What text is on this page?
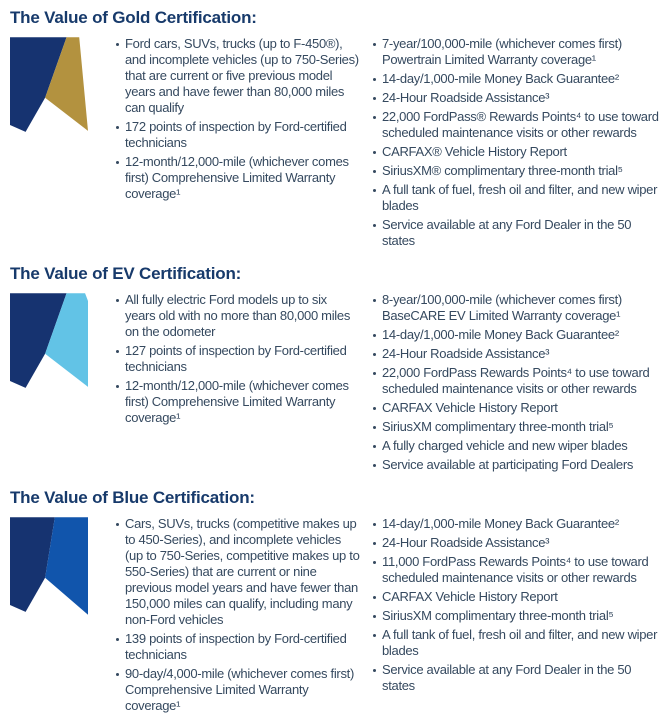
The Value of Gold Certification:
Ford cars, SUVs, trucks (up to F-450®), and incomplete vehicles (up to 750-Series) that are current or five previous model years and have fewer than 80,000 miles can qualify
172 points of inspection by Ford-certified technicians
12-month/12,000-mile (whichever comes first) Comprehensive Limited Warranty coverage¹
7-year/100,000-mile (whichever comes first) Powertrain Limited Warranty coverage¹
14-day/1,000-mile Money Back Guarantee²
24-Hour Roadside Assistance³
22,000 FordPass® Rewards Points⁴ to use toward scheduled maintenance visits or other rewards
CARFAX® Vehicle History Report
SiriusXM® complimentary three-month trial⁵
A full tank of fuel, fresh oil and filter, and new wiper blades
Service available at any Ford Dealer in the 50 states
The Value of EV Certification:
All fully electric Ford models up to six years old with no more than 80,000 miles on the odometer
127 points of inspection by Ford-certified technicians
12-month/12,000-mile (whichever comes first) Comprehensive Limited Warranty coverage¹
8-year/100,000-mile (whichever comes first) BaseCARE EV Limited Warranty coverage¹
14-day/1,000-mile Money Back Guarantee²
24-Hour Roadside Assistance³
22,000 FordPass Rewards Points⁴ to use toward scheduled maintenance visits or other rewards
CARFAX Vehicle History Report
SiriusXM complimentary three-month trial⁵
A fully charged vehicle and new wiper blades
Service available at participating Ford Dealers
The Value of Blue Certification:
Cars, SUVs, trucks (competitive makes up to 450-Series), and incomplete vehicles (up to 750-Series, competitive makes up to 550-Series) that are current or nine previous model years and have fewer than 150,000 miles can qualify, including many non-Ford vehicles
139 points of inspection by Ford-certified technicians
90-day/4,000-mile (whichever comes first) Comprehensive Limited Warranty coverage¹
14-day/1,000-mile Money Back Guarantee²
24-Hour Roadside Assistance³
11,000 FordPass Rewards Points⁴ to use toward scheduled maintenance visits or other rewards
CARFAX Vehicle History Report
SiriusXM complimentary three-month trial⁵
A full tank of fuel, fresh oil and filter, and new wiper blades
Service available at any Ford Dealer in the 50 states
